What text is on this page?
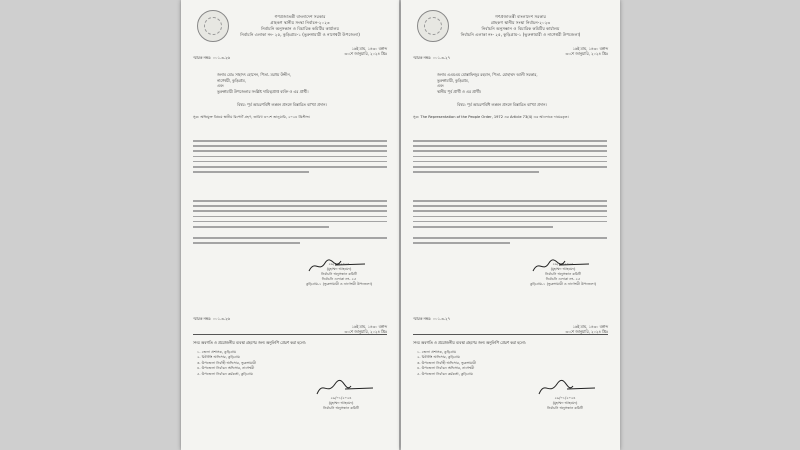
গণপ্রজাতন্ত্রী বাংলাদেশ সরকার
গ্রাহকগ স্থানীয় সংস্থা নির্বাচন-২০২৩
নির্বাচনি অনুসন্ধান ও বিচারিক কমিটির কার্যালয়
নির্বাচনি এলাকা নং- ২৫, কুড়িগ্রাম-১ (ভুরুঙ্গামারী ও নাগেশ্বরী উপজেলা)
১৬ই মাঘ, ১৪৩০ বঙ্গাব্দ
৩০শে জানুয়ারি, ২০২৪ খ্রিঃ
স্মারক নম্বর: ০০১.৩-২৬
জনাব মোঃ সাহাদৎ হোসেন, পিতা- মরহুম উদ্দীন,
নাগেশ্বরী, কুড়িগ্রাম,
এবং
ভুরুঙ্গামারী উপজেলার সংশ্লিষ্ট দায়িত্বপ্রাপ্ত ব্যক্তি ও এর প্রার্থী।
বিষয়: পূর্ব আচরণবিধি লঙ্ঘন প্রসঙ্গে বিস্তারিত ব্যাখ্যা প্রদান।
সূত্র: অভিযুক্ত বিষয়ে স্থানীয় রিপোর্ট গ্রহণ, তারিখ ৩০শে জানুয়ারি, ২০২৪ খ্রিস্টাব্দ।
২৯/০১/২০২৪
(মুহাম্মদ আহমেদ)
নির্বাচনি অনুসন্ধান কমিটি
নির্বাচনি এলাকা নং- ২৫
কুড়িগ্রাম-১ (ভুরুঙ্গামারী ও নাগেশ্বরী উপজেলা)
স্মারক নম্বর: ০০১.৩-২৬
১৬ই মাঘ, ১৪৩০ বঙ্গাব্দ
৩০শে জানুয়ারি, ২০২৪ খ্রিঃ
সদয় অবগতি ও প্রয়োজনীয় ব্যবস্থা গ্রহণের জন্য অনুলিপি প্রেরণ করা হলো:
১. জেলা প্রশাসক, কুড়িগ্রাম
২. রিটার্নিং অফিসার, কুড়িগ্রাম
৩. উপজেলা নির্বাহী অফিসার, ভুরুঙ্গামারী
৪. উপজেলা নির্বাচন অফিসার, নাগেশ্বরী
৫. উপজেলা নির্বাচন কর্মকর্তা, কুড়িগ্রাম
২৯/০১/২০২৪
(মুহাম্মদ আহমেদ)
নির্বাচনি অনুসন্ধান কমিটি
গণপ্রজাতন্ত্রী বাংলাদেশ সরকার
গ্রাহকগ স্থানীয় সংস্থা নির্বাচন-২০২৩
নির্বাচনি অনুসন্ধান ও বিচারিক কমিটির কার্যালয়
নির্বাচনি এলাকা নং- ২৫, কুড়িগ্রাম-১ (ভুরুঙ্গামারী ও নাগেশ্বরী উপজেলা)
১৬ই মাঘ, ১৪৩০ বঙ্গাব্দ
৩০শে জানুয়ারি, ২০২৪ খ্রিঃ
স্মারক নম্বর: ০০১.৩-২৭
জনাব এএমএম মোস্তাফিজুর রহমান, পিতা- মোহাম্মদ আলী সরকার,
ভুরুঙ্গামারী, কুড়িগ্রাম,
এবং
স্থানীয় পূর্ব প্রার্থী ও এর প্রার্থী।
বিষয়: পূর্ব আচরণবিধি লঙ্ঘন প্রসঙ্গে বিস্তারিত ব্যাখ্যা প্রদান।
সূত্র: The Representation of the People Order, 1972 এর Article 73(4) এর আলোকে দায়েরকৃত।
২৯/০১/২০২৪
(মুহাম্মদ আহমেদ)
নির্বাচনি অনুসন্ধান কমিটি
নির্বাচনি এলাকা নং- ২৫
কুড়িগ্রাম-১ (ভুরুঙ্গামারী ও নাগেশ্বরী উপজেলা)
স্মারক নম্বর: ০০১.৩-২৭
১৬ই মাঘ, ১৪৩০ বঙ্গাব্দ
৩০শে জানুয়ারি, ২০২৪ খ্রিঃ
সদয় অবগতি ও প্রয়োজনীয় ব্যবস্থা গ্রহণের জন্য অনুলিপি প্রেরণ করা হলো:
১. জেলা প্রশাসক, কুড়িগ্রাম
২. রিটার্নিং অফিসার, কুড়িগ্রাম
৩. উপজেলা নির্বাহী অফিসার, ভুরুঙ্গামারী
৪. উপজেলা নির্বাচন অফিসার, নাগেশ্বরী
৫. উপজেলা নির্বাচন কর্মকর্তা, কুড়িগ্রাম
২৯/০১/২০২৪
(মুহাম্মদ আহমেদ)
নির্বাচনি অনুসন্ধান কমিটি
